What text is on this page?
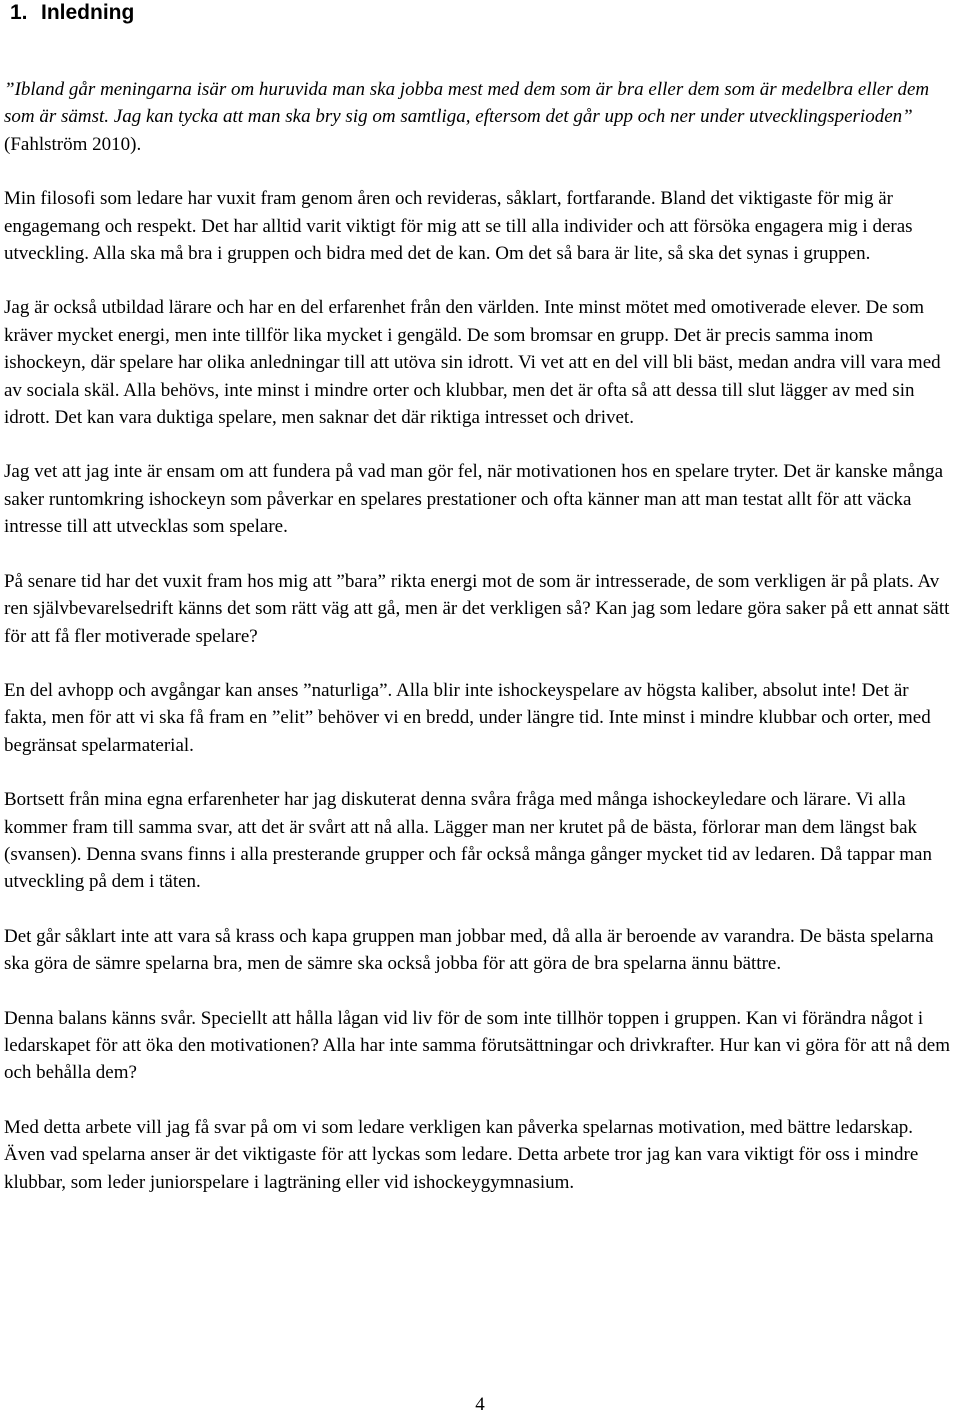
1. Inledning

”Ibland går meningarna isär om huruvida man ska jobba mest med dem som är bra eller dem som är medelbra eller dem som är sämst. Jag kan tycka att man ska bry sig om samtliga, eftersom det går upp och ner under utvecklingsperioden” (Fahlström 2010).

Min filosofi som ledare har vuxit fram genom åren och revideras, såklart, fortfarande. Bland det viktigaste för mig är engagemang och respekt. Det har alltid varit viktigt för mig att se till alla individer och att försöka engagera mig i deras utveckling. Alla ska må bra i gruppen och bidra med det de kan. Om det så bara är lite, så ska det synas i gruppen.

Jag är också utbildad lärare och har en del erfarenhet från den världen. Inte minst mötet med omotiverade elever. De som kräver mycket energi, men inte tillför lika mycket i gengäld. De som bromsar en grupp. Det är precis samma inom ishockeyn, där spelare har olika anledningar till att utöva sin idrott. Vi vet att en del vill bli bäst, medan andra vill vara med av sociala skäl. Alla behövs, inte minst i mindre orter och klubbar, men det är ofta så att dessa till slut lägger av med sin idrott. Det kan vara duktiga spelare, men saknar det där riktiga intresset och drivet.

Jag vet att jag inte är ensam om att fundera på vad man gör fel, när motivationen hos en spelare tryter. Det är kanske många saker runtomkring ishockeyn som påverkar en spelares prestationer och ofta känner man att man testat allt för att väcka intresse till att utvecklas som spelare.

På senare tid har det vuxit fram hos mig att ”bara” rikta energi mot de som är intresserade, de som verkligen är på plats. Av ren självbevarelsedrift känns det som rätt väg att gå, men är det verkligen så? Kan jag som ledare göra saker på ett annat sätt för att få fler motiverade spelare?

En del avhopp och avgångar kan anses ”naturliga”. Alla blir inte ishockeyspelare av högsta kaliber, absolut inte! Det är fakta, men för att vi ska få fram en ”elit” behöver vi en bredd, under längre tid. Inte minst i mindre klubbar och orter, med begränsat spelarmaterial.

Bortsett från mina egna erfarenheter har jag diskuterat denna svåra fråga med många ishockeyledare och lärare. Vi alla kommer fram till samma svar, att det är svårt att nå alla. Lägger man ner krutet på de bästa, förlorar man dem längst bak (svansen). Denna svans finns i alla presterande grupper och får också många gånger mycket tid av ledaren. Då tappar man utveckling på dem i täten.

Det går såklart inte att vara så krass och kapa gruppen man jobbar med, då alla är beroende av varandra. De bästa spelarna ska göra de sämre spelarna bra, men de sämre ska också jobba för att göra de bra spelarna ännu bättre.

Denna balans känns svår. Speciellt att hålla lågan vid liv för de som inte tillhör toppen i gruppen. Kan vi förändra något i ledarskapet för att öka den motivationen? Alla har inte samma förutsättningar och drivkrafter. Hur kan vi göra för att nå dem och behålla dem?

Med detta arbete vill jag få svar på om vi som ledare verkligen kan påverka spelarnas motivation, med bättre ledarskap. Även vad spelarna anser är det viktigaste för att lyckas som ledare. Detta arbete tror jag kan vara viktigt för oss i mindre klubbar, som leder juniorspelare i lagträning eller vid ishockeygymnasium.

4
